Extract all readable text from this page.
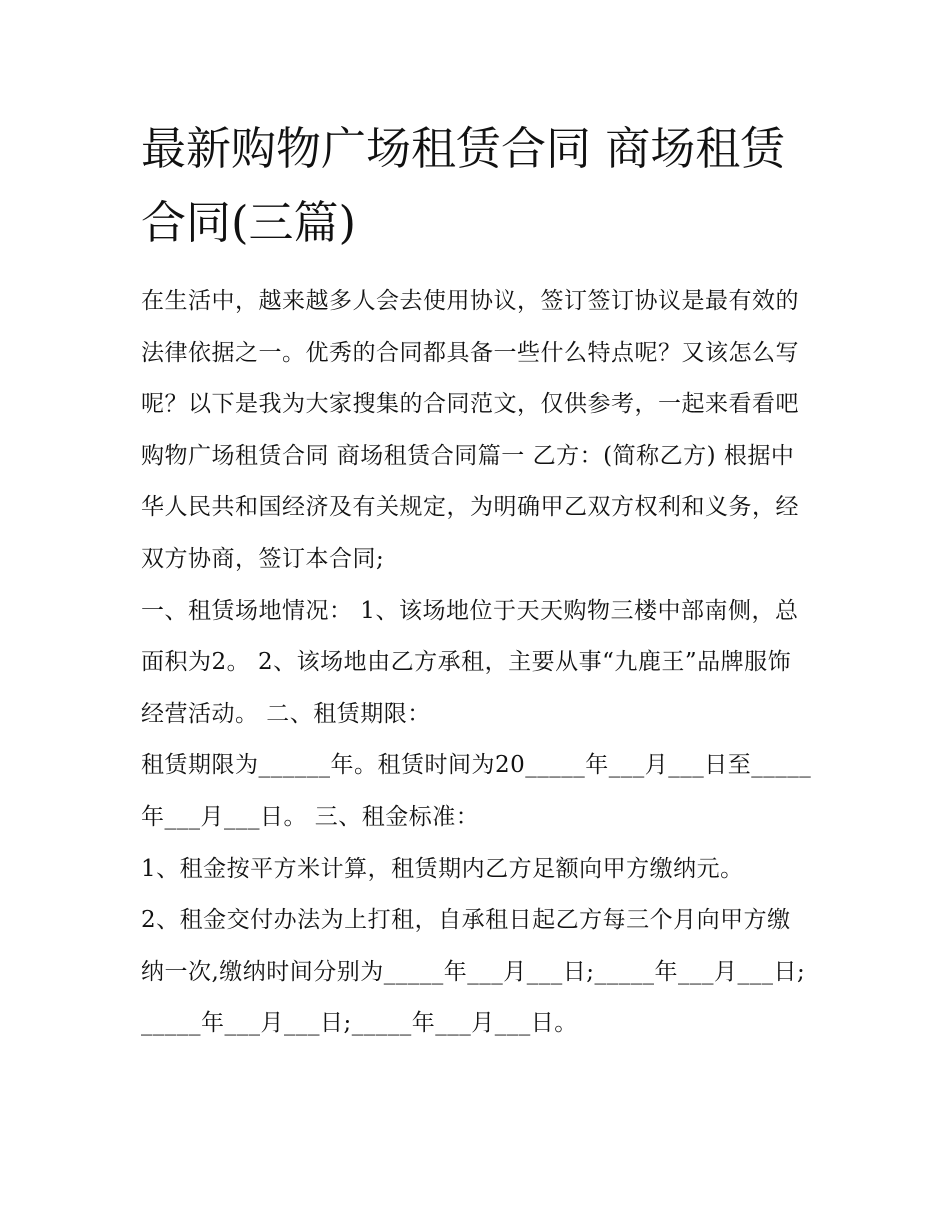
最新购物广场租赁合同 商场租赁合同(三篇)

在生活中，越来越多人会去使用协议，签订签订协议是最有效的法律依据之一。优秀的合同都具备一些什么特点呢？又该怎么写呢？以下是我为大家搜集的合同范文，仅供参考，一起来看看吧

购物广场租赁合同 商场租赁合同篇一 乙方：(简称乙方) 根据中华人民共和国经济及有关规定，为明确甲乙双方权利和义务，经双方协商，签订本合同;

一、租赁场地情况： 1、该场地位于天天购物三楼中部南侧，总面积为2。 2、该场地由乙方承租，主要从事“九鹿王”品牌服饰经营活动。 二、租赁期限：

租赁期限为______年。租赁时间为20_____年___月___日至_____年___月___日。 三、租金标准：

1、租金按平方米计算，租赁期内乙方足额向甲方缴纳元。

2、租金交付办法为上打租，自承租日起乙方每三个月向甲方缴纳一次,缴纳时间分别为_____年___月___日;_____年___月___日;_____年___月___日;_____年___月___日。
